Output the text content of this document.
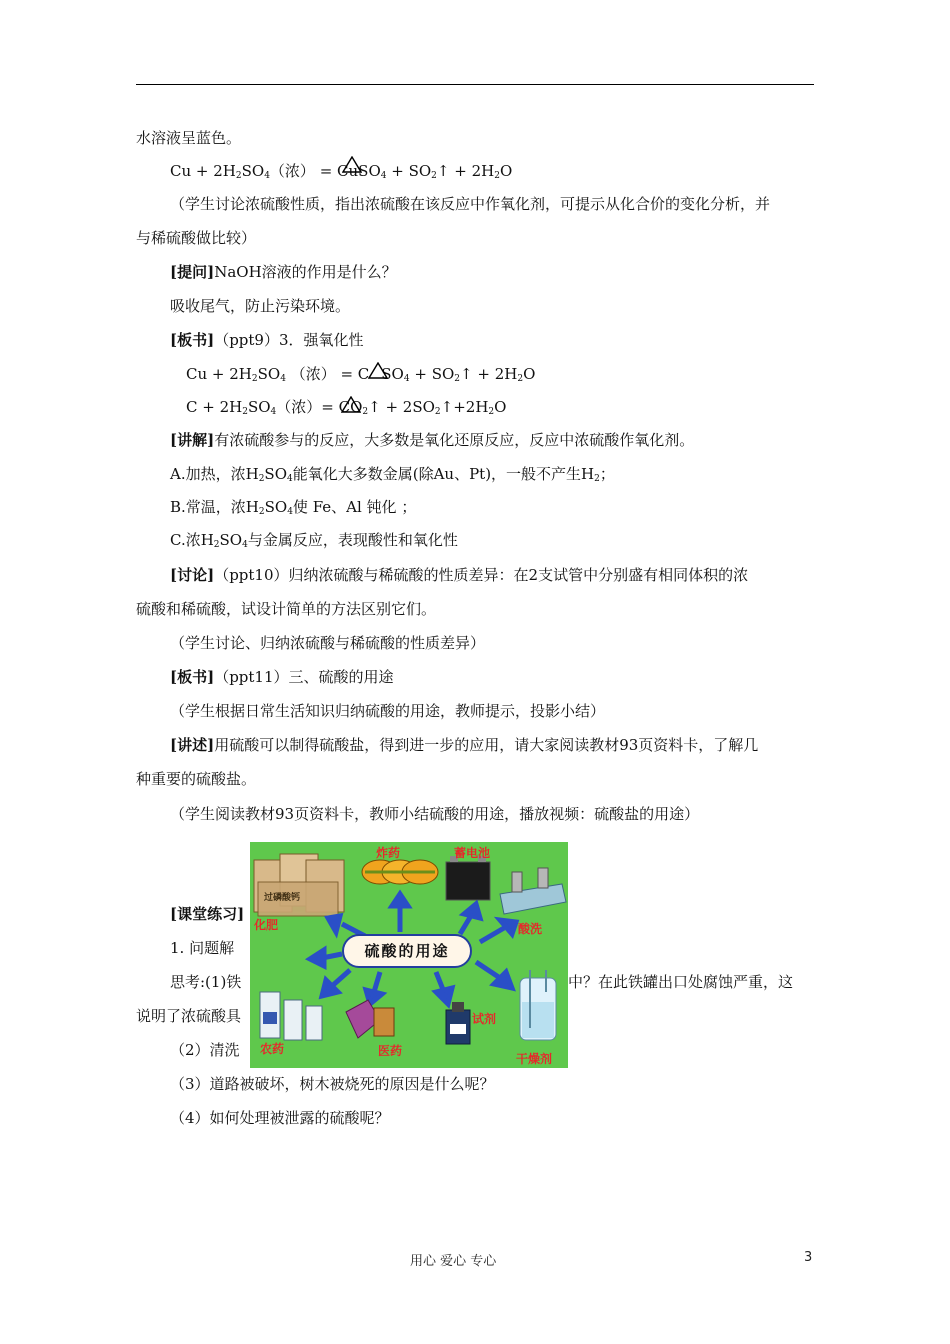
水溶液呈蓝色。
$Cu + 2H_2SO_4$（浓） = CuSO$_4$ + $SO_2↑ + 2H_2O$
（学生讨论浓硫酸性质，指出浓硫酸在该反应中作氧化剂，可提示从化合价的变化分析，并
与稀硫酸做比较）
[提问]NaOH溶液的作用是什么？
吸收尾气，防止污染环境。
[板书]（ppt9）3．强氧化性
$Cu + 2H_2SO_4$ （浓） = C $SO_4$ + $SO_2↑ + 2H_2O$
$C + 2H_2SO_4$（浓）= $CO_2↑$ + $2SO_2↑+2H_2O$
[讲解]有浓硫酸参与的反应，大多数是氧化还原反应，反应中浓硫酸作氧化剂。
A.加热，浓$H_2SO_4$能氧化大多数金属(除Au、Pt)，一般不产生$H_2$；
B.常温，浓$H_2SO_4$使 Fe、Al 钝化 ；
C.浓$H_2SO_4$与金属反应，表现酸性和氧化性
[讨论]（ppt10）归纳浓硫酸与稀硫酸的性质差异：在2支试管中分别盛有相同体积的浓
硫酸和稀硫酸，试设计简单的方法区别它们。
（学生讨论、归纳浓硫酸与稀硫酸的性质差异）
[板书]（ppt11）三、硫酸的用途
（学生根据日常生活知识归纳硫酸的用途，教师提示，投影小结）
[讲述]用硫酸可以制得硫酸盐，得到进一步的应用，请大家阅读教材93页资料卡，了解几
种重要的硫酸盐。
（学生阅读教材93页资料卡，教师小结硫酸的用途，播放视频：硫酸盐的用途）
[课堂练习]
1. 问题解
思考:(1)铁	中？在此铁罐出口处腐蚀严重，这
说明了浓硫酸具
（2）清洗
（3）道路被破坏，树木被烧死的原因是什么呢？
（4）如何处理被泄露的硫酸呢？
硫酸的用途
炸药	蓄电池
化肥	酸洗
农药	医药
试剂
干燥剂
过磷酸钙
用心 爱心 专心	3
